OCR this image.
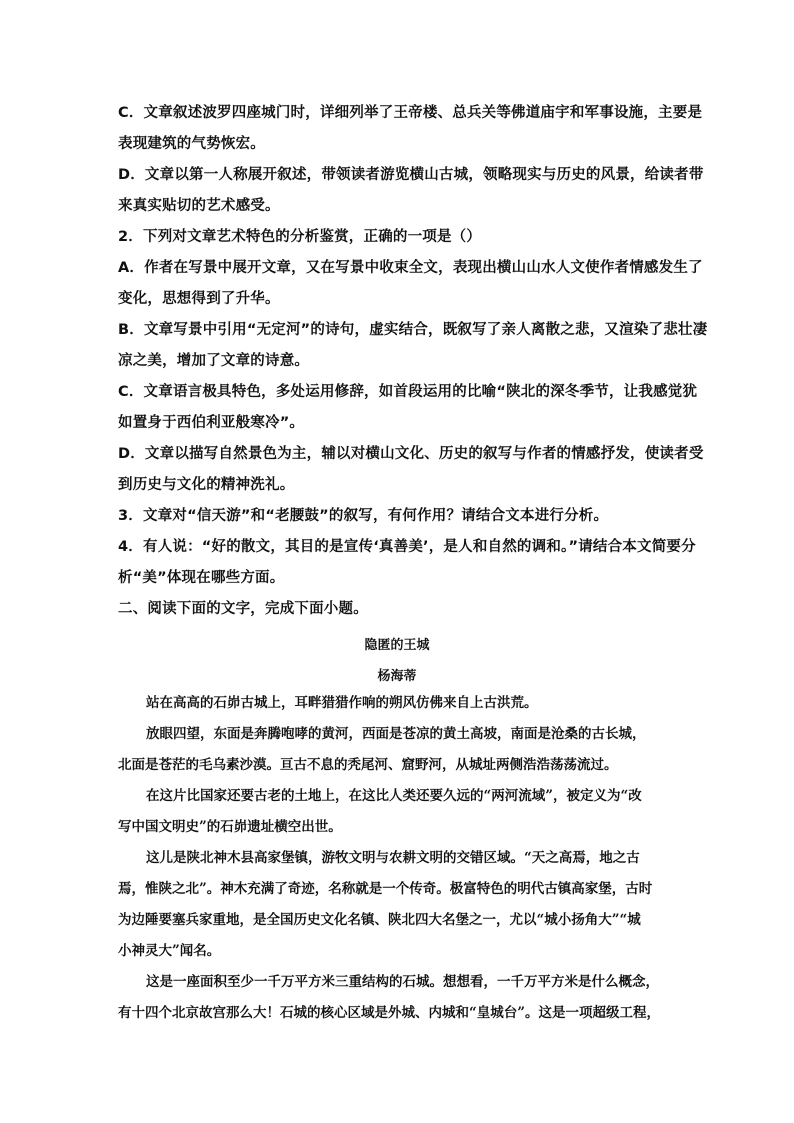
C．文章叙述波罗四座城门时，详细列举了王帝楼、总兵关等佛道庙宇和军事设施，主要是
表现建筑的气势恢宏。
D．文章以第一人称展开叙述，带领读者游览横山古城，领略现实与历史的风景，给读者带
来真实贴切的艺术感受。
2．下列对文章艺术特色的分析鉴赏，正确的一项是（）
A．作者在写景中展开文章，又在写景中收束全文，表现出横山山水人文使作者情感发生了
变化，思想得到了升华。
B．文章写景中引用“无定河”的诗句，虚实结合，既叙写了亲人离散之悲，又渲染了悲壮凄
凉之美，增加了文章的诗意。
C．文章语言极具特色，多处运用修辞，如首段运用的比喻“陕北的深冬季节，让我感觉犹
如置身于西伯利亚般寒冷”。
D．文章以描写自然景色为主，辅以对横山文化、历史的叙写与作者的情感抒发，使读者受
到历史与文化的精神洗礼。
3．文章对“信天游”和“老腰鼓”的叙写，有何作用？请结合文本进行分析。
4．有人说：“好的散文，其目的是宣传‘真善美’，是人和自然的调和。”请结合本文简要分
析“美”体现在哪些方面。
二、阅读下面的文字，完成下面小题。
隐匿的王城
杨海蒂
站在高高的石峁古城上，耳畔猎猎作响的朔风仿佛来自上古洪荒。
放眼四望，东面是奔腾咆哮的黄河，西面是苍凉的黄土高坡，南面是沧桑的古长城，
北面是苍茫的毛乌素沙漠。亘古不息的秃尾河、窟野河，从城址两侧浩浩荡荡流过。
在这片比国家还要古老的土地上，在这比人类还要久远的“两河流域”，被定义为“改
写中国文明史”的石峁遗址横空出世。
这儿是陕北神木县高家堡镇，游牧文明与农耕文明的交错区域。“天之高焉，地之古
焉，惟陕之北”。神木充满了奇迹，名称就是一个传奇。极富特色的明代古镇高家堡，古时
为边陲要塞兵家重地，是全国历史文化名镇、陕北四大名堡之一，尤以“城小扬角大”“城
小神灵大”闻名。
这是一座面积至少一千万平方米三重结构的石城。想想看，一千万平方米是什么概念，
有十四个北京故宫那么大！石城的核心区域是外城、内城和“皇城台”。这是一项超级工程，
